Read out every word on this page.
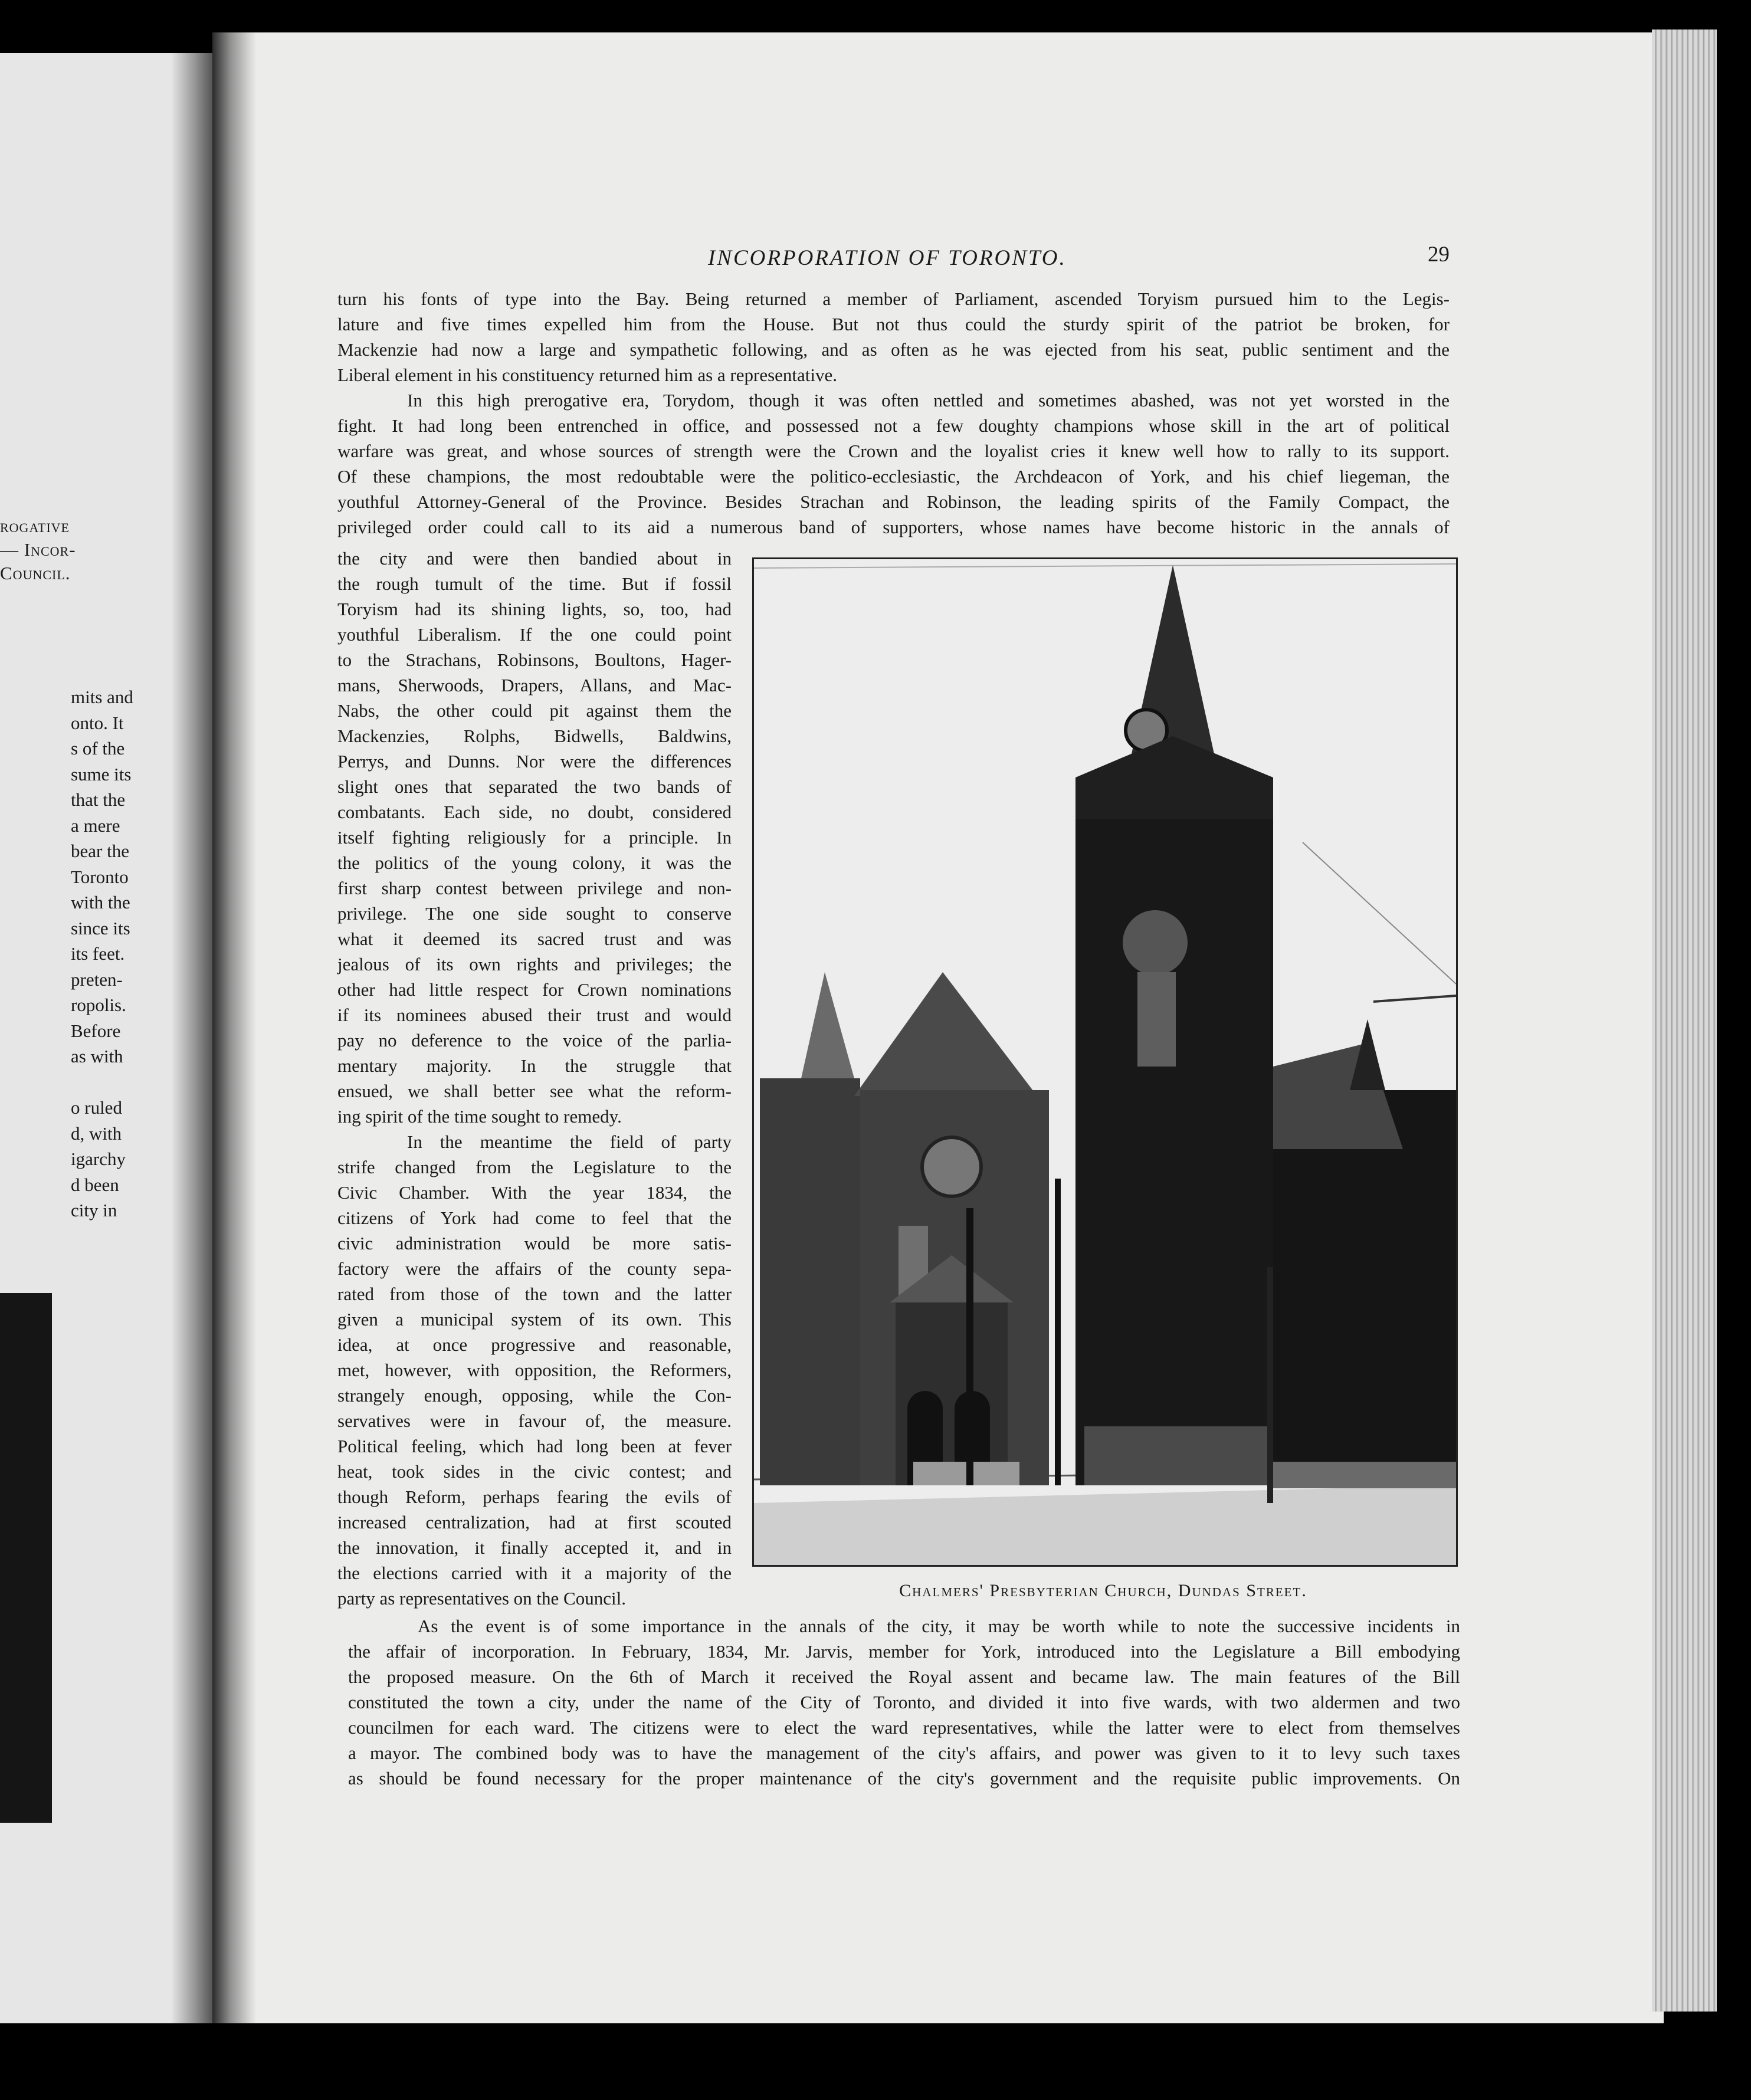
rogative
— Incor-
Council.
mits and
onto. It
s of the
sume its
that the
a mere
bear the
Toronto
with the
since its
its feet.
preten-
ropolis.
Before
as with
o ruled
d, with
igarchy
d been
city in
INCORPORATION OF TORONTO.	29

turn his fonts of type into the Bay. Being returned a member of Parliament, ascended Toryism pursued him to the Legis-

lature and five times expelled him from the House. But not thus could the sturdy spirit of the patriot be broken, for

Mackenzie had now a large and sympathetic following, and as often as he was ejected from his seat, public sentiment and the

Liberal element in his constituency returned him as a representative.

In this high prerogative era, Torydom, though it was often nettled and sometimes abashed, was not yet worsted in the

fight. It had long been entrenched in office, and possessed not a few doughty champions whose skill in the art of political

warfare was great, and whose sources of strength were the Crown and the loyalist cries it knew well how to rally to its support.

Of these champions, the most redoubtable were the politico-ecclesiastic, the Archdeacon of York, and his chief liegeman, the

youthful Attorney-General of the Province. Besides Strachan and Robinson, the leading spirits of the Family Compact, the

privileged order could call to its aid a numerous band of supporters, whose names have become historic in the annals of

the city and were then bandied about in

the rough tumult of the time. But if fossil

Toryism had its shining lights, so, too, had

youthful Liberalism. If the one could point

to the Strachans, Robinsons, Boultons, Hager-

mans, Sherwoods, Drapers, Allans, and Mac-

Nabs, the other could pit against them the

Mackenzies, Rolphs, Bidwells, Baldwins,

Perrys, and Dunns. Nor were the differences

slight ones that separated the two bands of

combatants. Each side, no doubt, considered

itself fighting religiously for a principle. In

the politics of the young colony, it was the

first sharp contest between privilege and non-

privilege. The one side sought to conserve

what it deemed its sacred trust and was

jealous of its own rights and privileges; the

other had little respect for Crown nominations

if its nominees abused their trust and would

pay no deference to the voice of the parlia-

mentary majority. In the struggle that

ensued, we shall better see what the reform-

ing spirit of the time sought to remedy.

In the meantime the field of party

strife changed from the Legislature to the

Civic Chamber. With the year 1834, the

citizens of York had come to feel that the

civic administration would be more satis-

factory were the affairs of the county sepa-

rated from those of the town and the latter

given a municipal system of its own. This

idea, at once progressive and reasonable,

met, however, with opposition, the Reformers,

strangely enough, opposing, while the Con-

servatives were in favour of, the measure.

Political feeling, which had long been at fever

heat, took sides in the civic contest; and

though Reform, perhaps fearing the evils of

increased centralization, had at first scouted

the innovation, it finally accepted it, and in

the elections carried with it a majority of the

party as representatives on the Council.	Chalmers' Presbyterian Church, Dundas Street.

As the event is of some importance in the annals of the city, it may be worth while to note the successive incidents in

the affair of incorporation. In February, 1834, Mr. Jarvis, member for York, introduced into the Legislature a Bill embodying

the proposed measure. On the 6th of March it received the Royal assent and became law. The main features of the Bill

constituted the town a city, under the name of the City of Toronto, and divided it into five wards, with two aldermen and two

councilmen for each ward. The citizens were to elect the ward representatives, while the latter were to elect from themselves

a mayor. The combined body was to have the management of the city's affairs, and power was given to it to levy such taxes

as should be found necessary for the proper maintenance of the city's government and the requisite public improvements. On
